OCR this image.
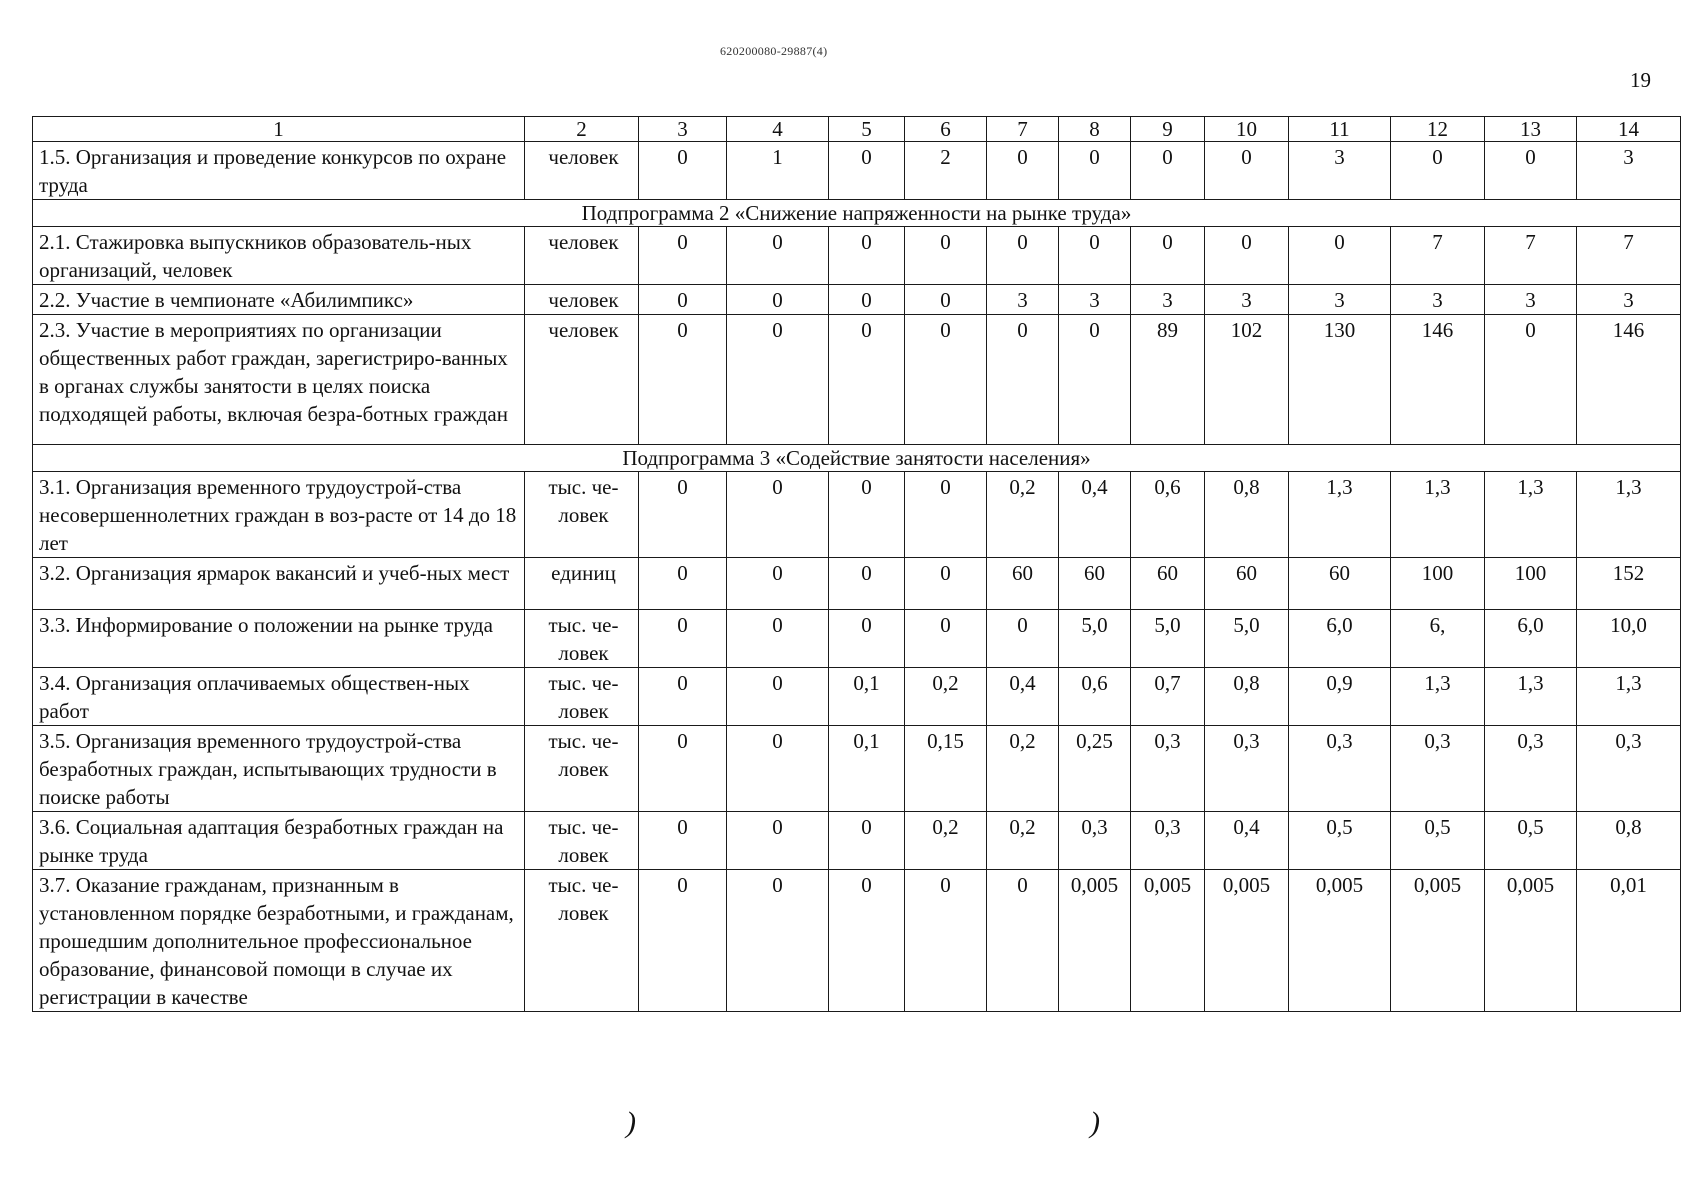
620200080-29887(4)
19
1	2	3	4	5	6	7	8	9	10	11	12	13	14
1.5. Организация и проведение конкурсов по охране труда	человек	0	1	0	2	0	0	0	0	3	0	0	3
Подпрограмма 2 «Снижение напряженности на рынке труда»													
2.1. Стажировка выпускников образователь-ных организаций, человек	человек	0	0	0	0	0	0	0	0	0	7	7	7
2.2. Участие в чемпионате «Абилимпикс»	человек	0	0	0	0	3	3	3	3	3	3	3	3
2.3. Участие в мероприятиях по организации общественных работ граждан, зарегистриро-ванных в органах службы занятости в целях поиска подходящей работы, включая безра-ботных граждан	человек	0	0	0	0	0	0	89	102	130	146	0	146
Подпрограмма 3 «Содействие занятости населения»													
3.1. Организация временного трудоустрой-ства несовершеннолетних граждан в воз-расте от 14 до 18 лет	тыс. че-ловек	0	0	0	0	0,2	0,4	0,6	0,8	1,3	1,3	1,3	1,3
3.2. Организация ярмарок вакансий и учеб-ных мест	единиц	0	0	0	0	60	60	60	60	60	100	100	152
3.3. Информирование о положении на рынке труда	тыс. че-ловек	0	0	0	0	0	5,0	5,0	5,0	6,0	6,	6,0	10,0
3.4. Организация оплачиваемых обществен-ных работ	тыс. че-ловек	0	0	0,1	0,2	0,4	0,6	0,7	0,8	0,9	1,3	1,3	1,3
3.5. Организация временного трудоустрой-ства безработных граждан, испытывающих трудности в поиске работы	тыс. че-ловек	0	0	0,1	0,15	0,2	0,25	0,3	0,3	0,3	0,3	0,3	0,3
3.6. Социальная адаптация безработных граждан на рынке труда	тыс. че-ловек	0	0	0	0,2	0,2	0,3	0,3	0,4	0,5	0,5	0,5	0,8
3.7. Оказание гражданам, признанным в установленном порядке безработными, и гражданам, прошедшим дополнительное профессиональное образование, финансовой помощи в случае их регистрации в качестве	тыс. че-ловек	0	0	0	0	0	0,005	0,005	0,005	0,005	0,005	0,005	0,01
)	)
